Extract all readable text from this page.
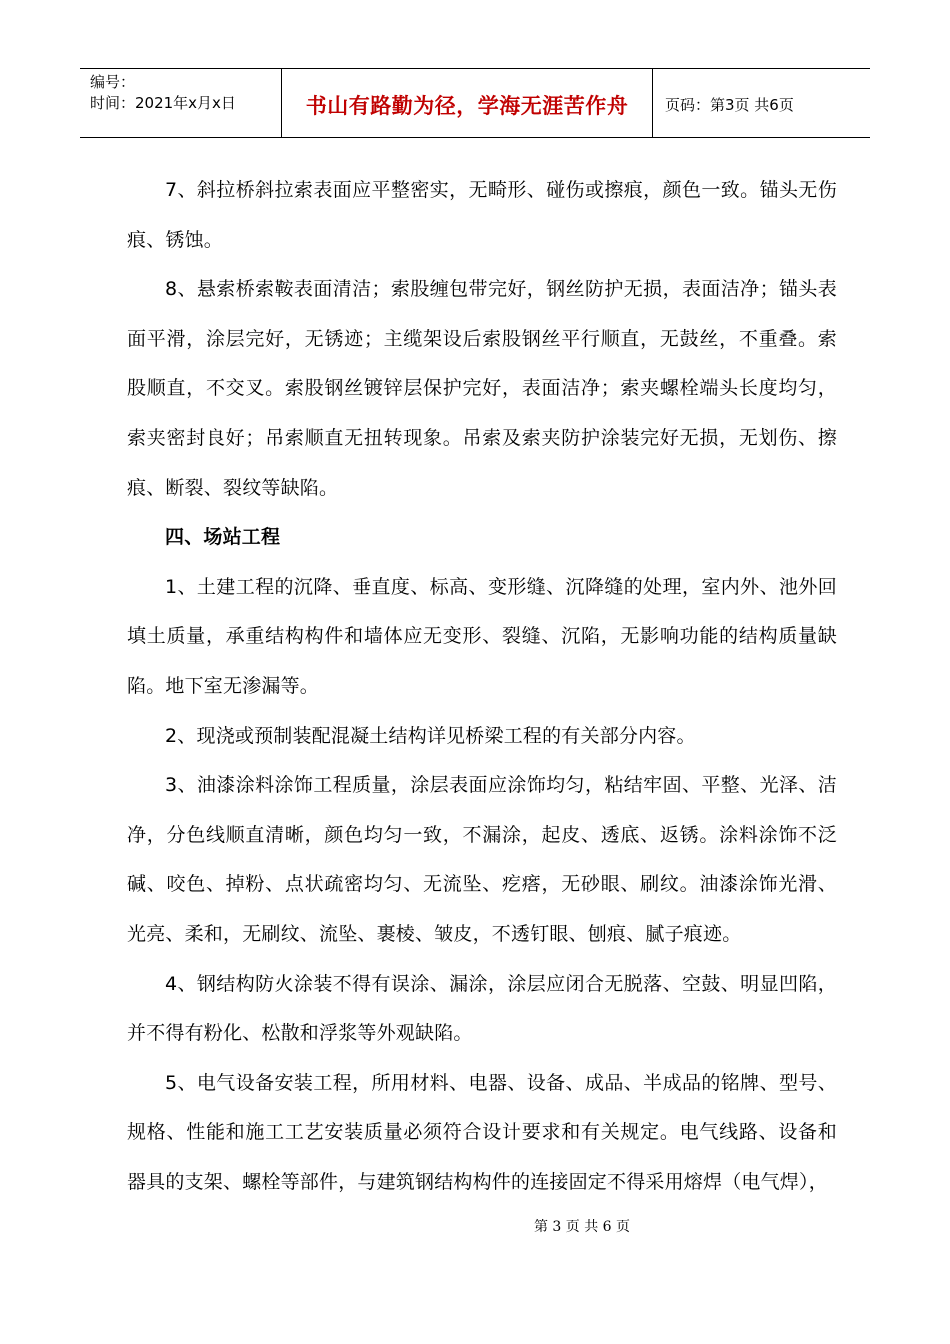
编号：
时间：2021年x月x日	书山有路勤为径，学海无涯苦作舟	页码：第3页 共6页

7、斜拉桥斜拉索表面应平整密实，无畸形、碰伤或擦痕，颜色一致。锚头无伤痕、锈蚀。

8、悬索桥索鞍表面清洁；索股缠包带完好，钢丝防护无损，表面洁净；锚头表面平滑，涂层完好，无锈迹；主缆架设后索股钢丝平行顺直，无鼓丝，不重叠。索股顺直，不交叉。索股钢丝镀锌层保护完好，表面洁净；索夹螺栓端头长度均匀，索夹密封良好；吊索顺直无扭转现象。吊索及索夹防护涂装完好无损，无划伤、擦痕、断裂、裂纹等缺陷。

四、场站工程

1、土建工程的沉降、垂直度、标高、变形缝、沉降缝的处理，室内外、池外回填土质量，承重结构构件和墙体应无变形、裂缝、沉陷，无影响功能的结构质量缺陷。地下室无渗漏等。

2、现浇或预制装配混凝土结构详见桥梁工程的有关部分内容。

3、油漆涂料涂饰工程质量，涂层表面应涂饰均匀，粘结牢固、平整、光泽、洁净，分色线顺直清晰，颜色均匀一致，不漏涂，起皮、透底、返锈。涂料涂饰不泛碱、咬色、掉粉、点状疏密均匀、无流坠、疙瘩，无砂眼、刷纹。油漆涂饰光滑、光亮、柔和，无刷纹、流坠、裹棱、皱皮，不透钉眼、刨痕、腻子痕迹。

4、钢结构防火涂装不得有误涂、漏涂，涂层应闭合无脱落、空鼓、明显凹陷，并不得有粉化、松散和浮浆等外观缺陷。

5、电气设备安装工程，所用材料、电器、设备、成品、半成品的铭牌、型号、规格、性能和施工工艺安装质量必须符合设计要求和有关规定。电气线路、设备和器具的支架、螺栓等部件，与建筑钢结构构件的连接固定不得采用熔焊（电气焊），

第 3 页 共 6 页
